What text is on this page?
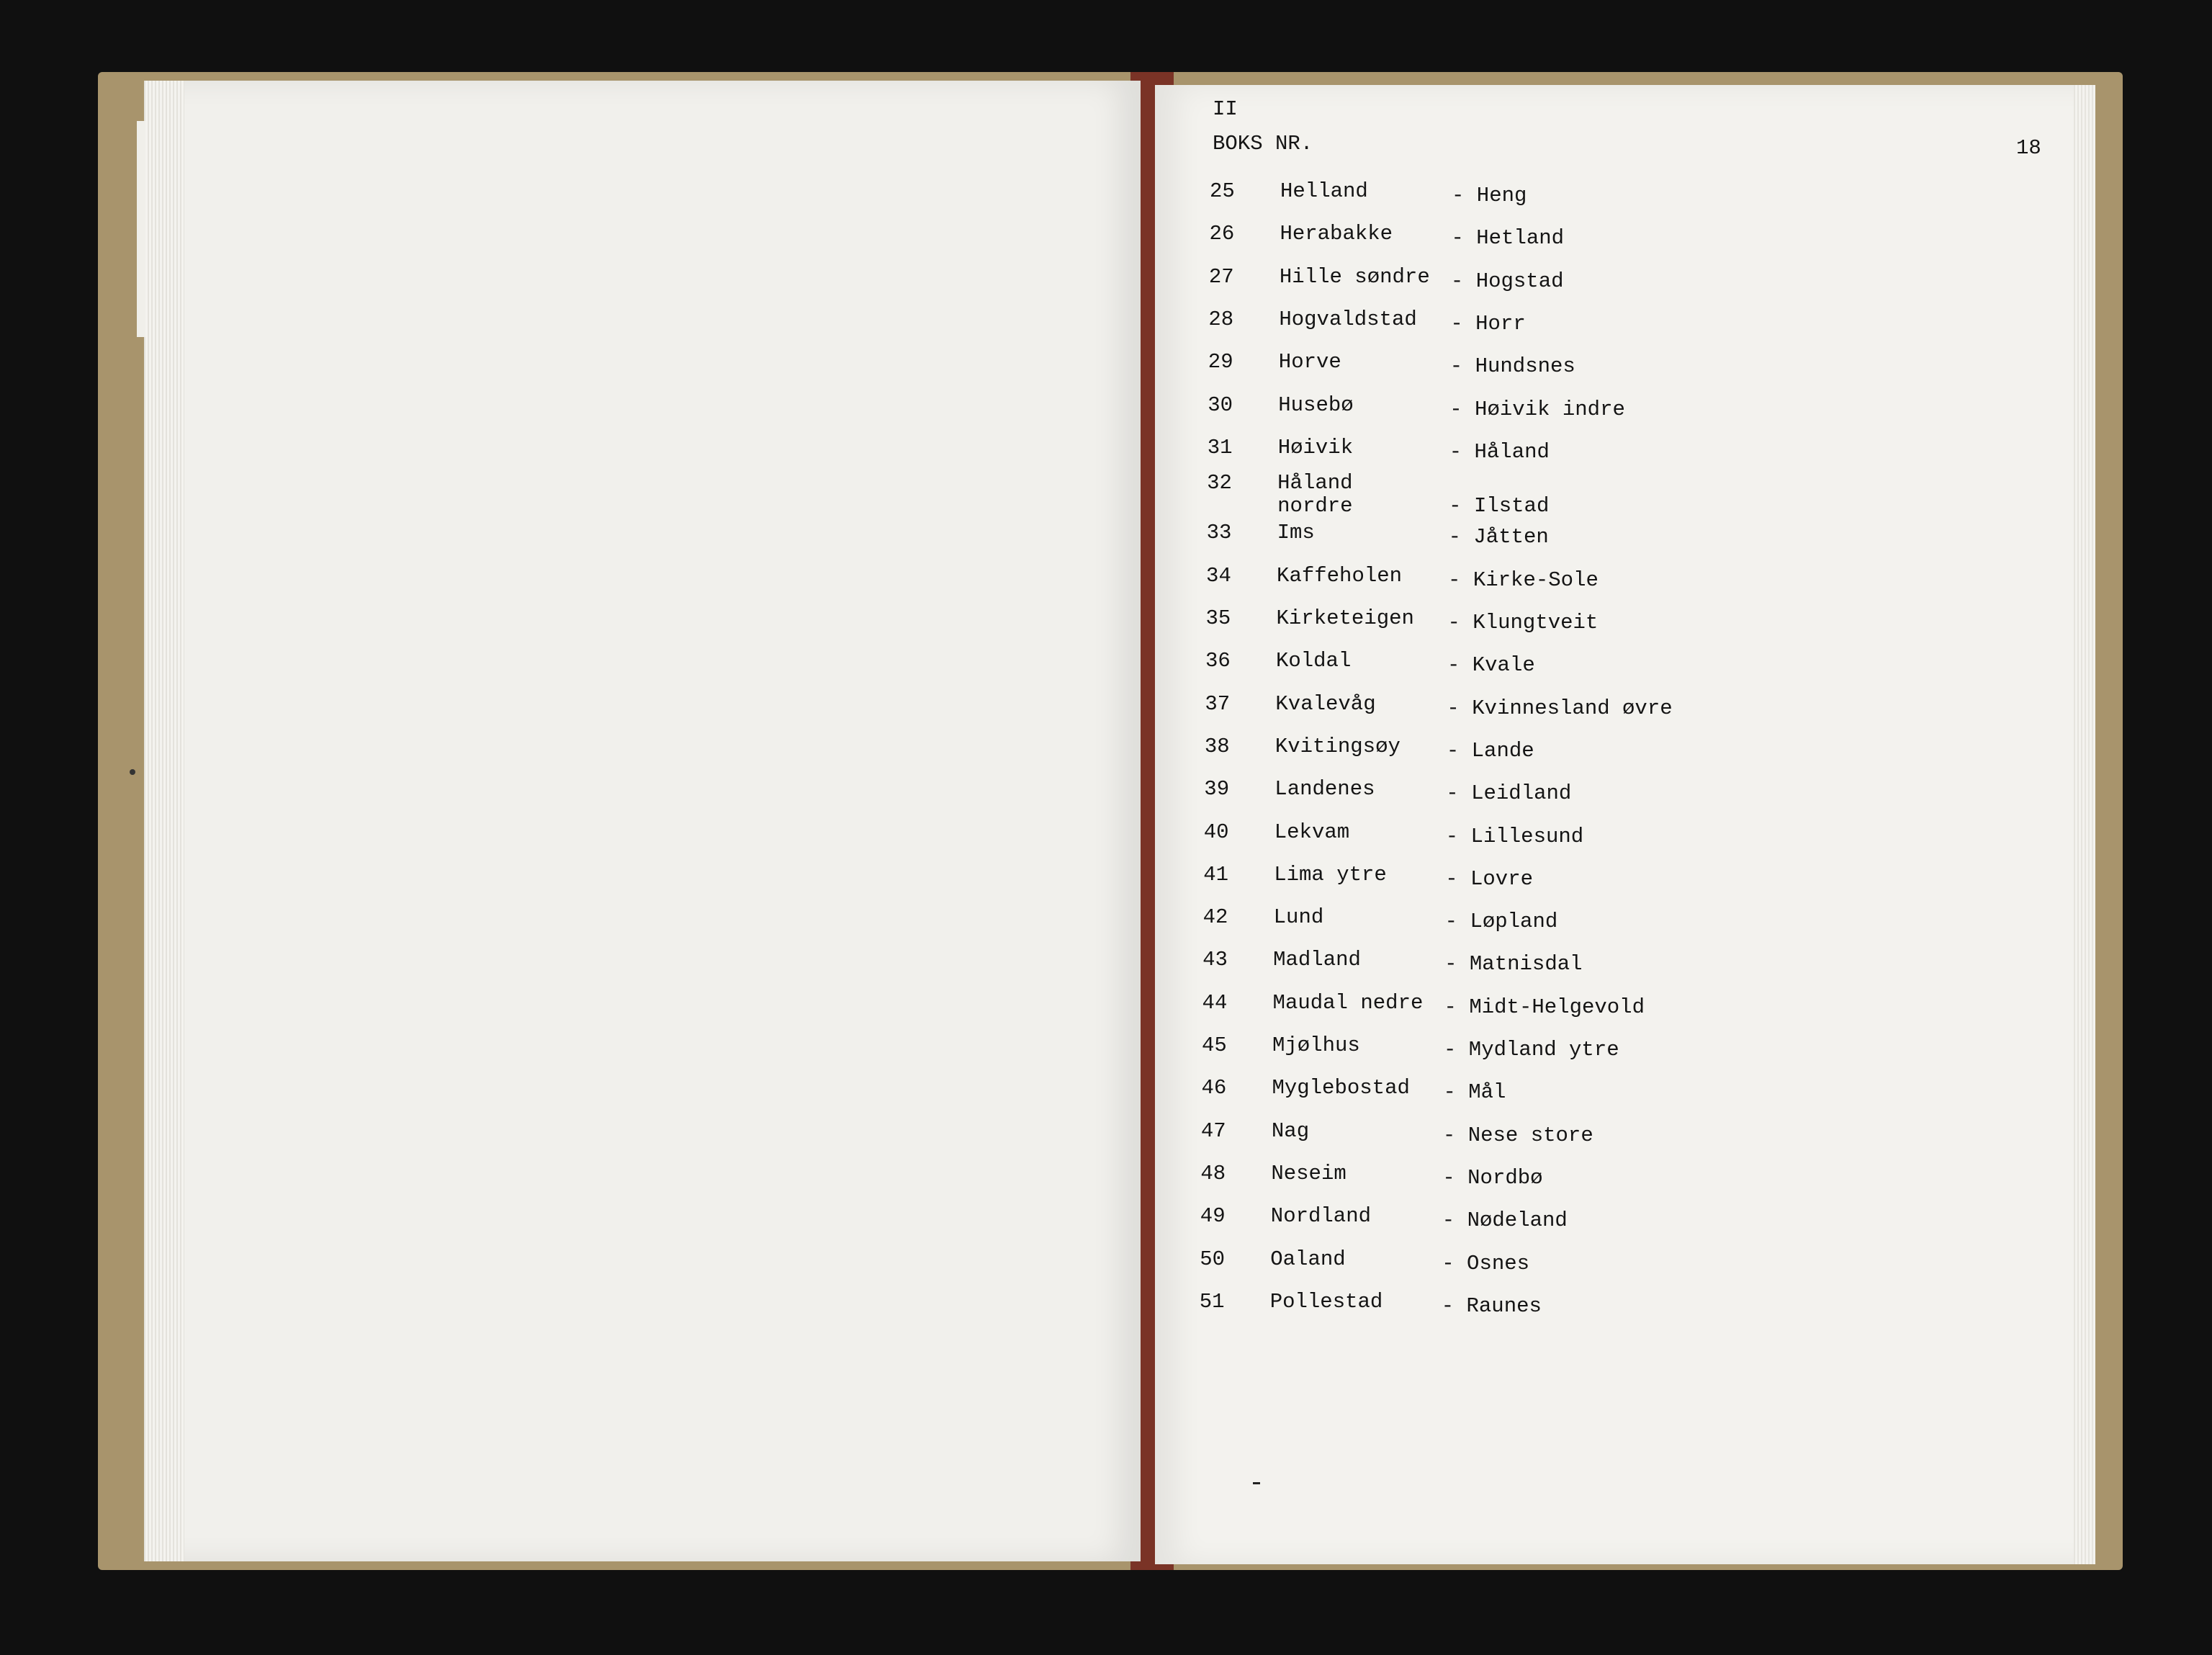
II
BOKS NR.	18
25 Helland	- Heng
26 Herabakke	- Hetland
27 Hille søndre - Hogstad
28 Hogvaldstad - Horr
29 Horve	- Hundsnes
30 Husebø	- Høivik indre
31 Høivik	- Håland
32 Håland
nordre	- Ilstad
33 Ims	- Jåtten
34 Kaffeholen - Kirke-Sole
35 Kirketeigen - Klungtveit
36 Koldal	- Kvale
37 Kvalevåg	- Kvinnesland øvre
38 Kvitingsøy - Lande
39 Landenes	- Leidland
40 Lekvam	- Lillesund
41 Lima ytre	- Lovre
42 Lund	- Løpland
43 Madland	- Matnisdal
44 Maudal nedre - Midt-Helgevold
45 Mjølhus	- Mydland ytre
46 Myglebostad - Mål
47 Nag	- Nese store
48 Neseim	- Nordbø
49 Nordland	- Nødeland
50 Oaland	- Osnes
51 Pollestad	- Raunes
